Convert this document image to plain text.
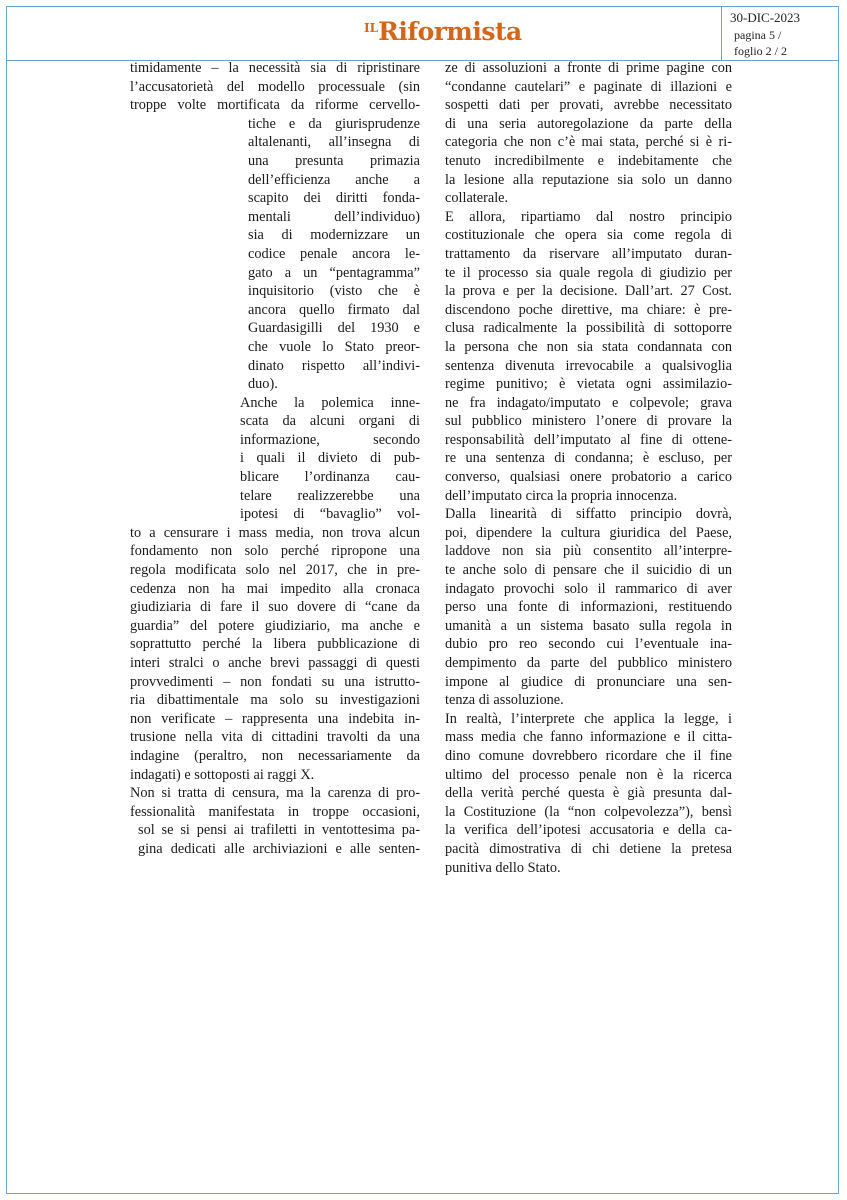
$^{IL}$Riformista	30-DIC-2023
pagina 5 /
foglio 2 / 2
timidamente – la necessità sia di ripristinare
l’accusatorietà del modello processuale (sin
troppe volte mortificata da riforme cervello-
tiche e da giurisprudenze
altalenanti, all’insegna di
una presunta primazia
dell’efficienza anche a
scapito dei diritti fonda-
mentali dell’individuo)
sia di modernizzare un
codice penale ancora le-
gato a un “pentagramma”
inquisitorio (visto che è
ancora quello firmato dal
Guardasigilli del 1930 e
che vuole lo Stato preor-
dinato rispetto all’indivi-
duo).
Anche la polemica inne-
scata da alcuni organi di
informazione, secondo
i quali il divieto di pub-
blicare l’ordinanza cau-
telare realizzerebbe una
ipotesi di “bavaglio” vol-
to a censurare i mass media, non trova alcun
fondamento non solo perché ripropone una
regola modificata solo nel 2017, che in pre-
cedenza non ha mai impedito alla cronaca
giudiziaria di fare il suo dovere di “cane da
guardia” del potere giudiziario, ma anche e
soprattutto perché la libera pubblicazione di
interi stralci o anche brevi passaggi di questi
provvedimenti – non fondati su una istrutto-
ria dibattimentale ma solo su investigazioni
non verificate – rappresenta una indebita in-
trusione nella vita di cittadini travolti da una
indagine (peraltro, non necessariamente da
indagati) e sottoposti ai raggi X.
Non si tratta di censura, ma la carenza di pro-
fessionalità manifestata in troppe occasioni,
sol se si pensi ai trafiletti in ventottesima pa-
gina dedicati alle archiviazioni e alle senten-
ze di assoluzioni a fronte di prime pagine con
“condanne cautelari” e paginate di illazioni e
sospetti dati per provati, avrebbe necessitato
di una seria autoregolazione da parte della
categoria che non c’è mai stata, perché si è ri-
tenuto incredibilmente e indebitamente che
la lesione alla reputazione sia solo un danno
collaterale.
E allora, ripartiamo dal nostro principio
costituzionale che opera sia come regola di
trattamento da riservare all’imputato duran-
te il processo sia quale regola di giudizio per
la prova e per la decisione. Dall’art. 27 Cost.
discendono poche direttive, ma chiare: è pre-
clusa radicalmente la possibilità di sottoporre
la persona che non sia stata condannata con
sentenza divenuta irrevocabile a qualsivoglia
regime punitivo; è vietata ogni assimilazio-
ne fra indagato/imputato e colpevole; grava
sul pubblico ministero l’onere di provare la
responsabilità dell’imputato al fine di ottene-
re una sentenza di condanna; è escluso, per
converso, qualsiasi onere probatorio a carico
dell’imputato circa la propria innocenza.
Dalla linearità di siffatto principio dovrà,
poi, dipendere la cultura giuridica del Paese,
laddove non sia più consentito all’interpre-
te anche solo di pensare che il suicidio di un
indagato provochi solo il rammarico di aver
perso una fonte di informazioni, restituendo
umanità a un sistema basato sulla regola in
dubio pro reo secondo cui l’eventuale ina-
dempimento da parte del pubblico ministero
impone al giudice di pronunciare una sen-
tenza di assoluzione.
In realtà, l’interprete che applica la legge, i
mass media che fanno informazione e il citta-
dino comune dovrebbero ricordare che il fine
ultimo del processo penale non è la ricerca
della verità perché questa è già presunta dal-
la Costituzione (la “non colpevolezza”), bensì
la verifica dell’ipotesi accusatoria e della ca-
pacità dimostrativa di chi detiene la pretesa
punitiva dello Stato.
